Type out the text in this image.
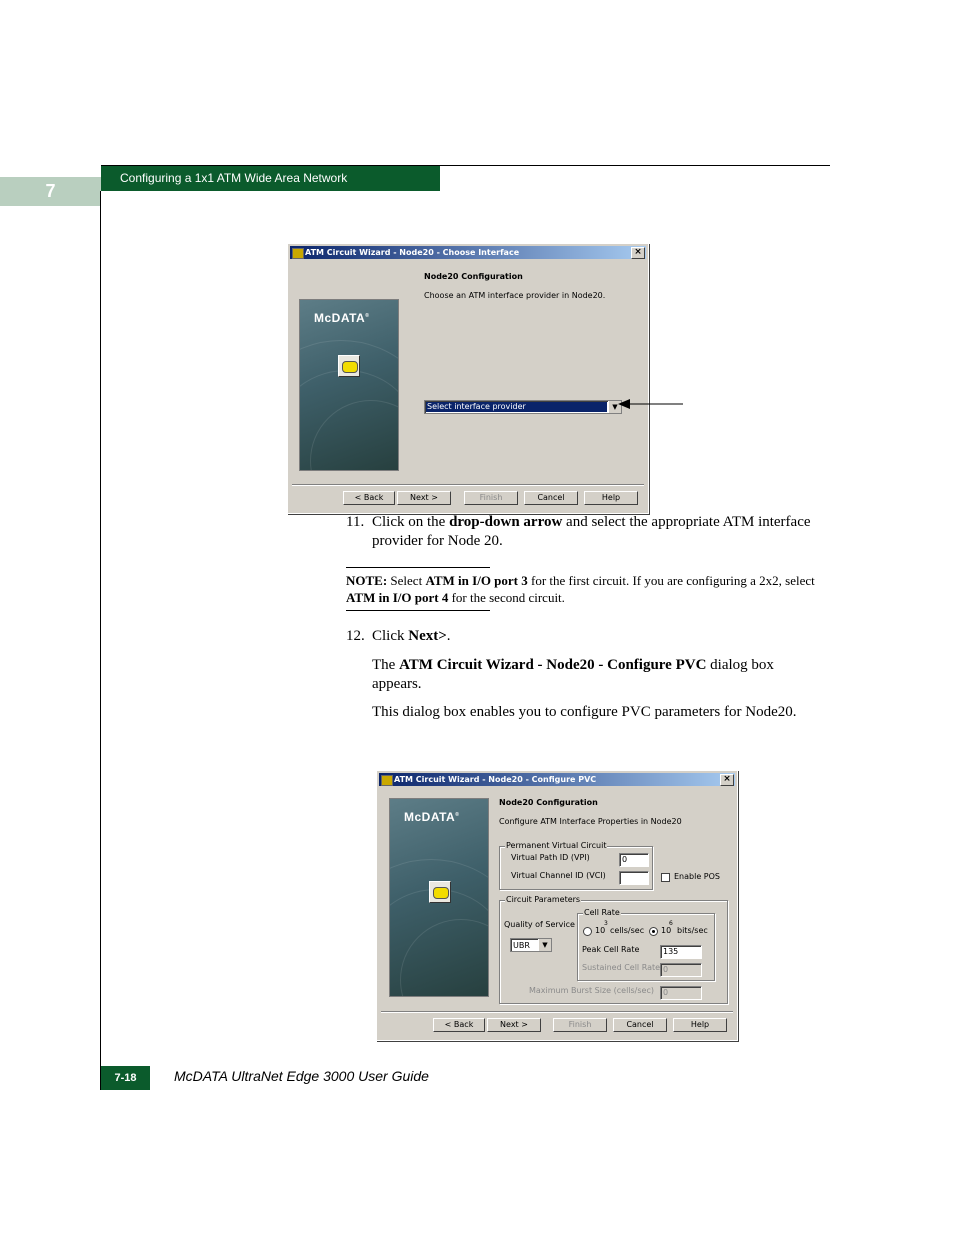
Configuring a 1x1 ATM Wide Area Network
7
ATM Circuit Wizard - Node20 - Choose Interface	×
McDATA®
Node20 Configuration
Choose an ATM interface provider in Node20.
Select interface provider	▼
< Back	Next >	Finish	Cancel	Help
11. Click on the drop-down arrow and select the appropriate ATM interface provider for Node 20.
NOTE: Select ATM in I/O port 3 for the first circuit. If you are configuring a 2x2, select ATM in I/O port 4 for the second circuit.
12. Click Next>.
The ATM Circuit Wizard - Node20 - Configure PVC dialog box appears.
This dialog box enables you to configure PVC parameters for Node20.
ATM Circuit Wizard - Node20 - Configure PVC	×
McDATA®
Node20 Configuration
Configure ATM Interface Properties in Node20
Permanent Virtual Circuit
Virtual Path ID (VPI)	0
Virtual Channel ID (VCI)	Enable POS
Circuit Parameters
Quality of Service
UBR	▼
Cell Rate
10
3
cells/sec 10
6
bits/sec
Peak Cell Rate	135
Sustained Cell Rate 0
Maximum Burst Size (cells/sec)	0
< Back	Next >	Finish	Cancel	Help
7-18	McDATA UltraNet Edge 3000 User Guide
